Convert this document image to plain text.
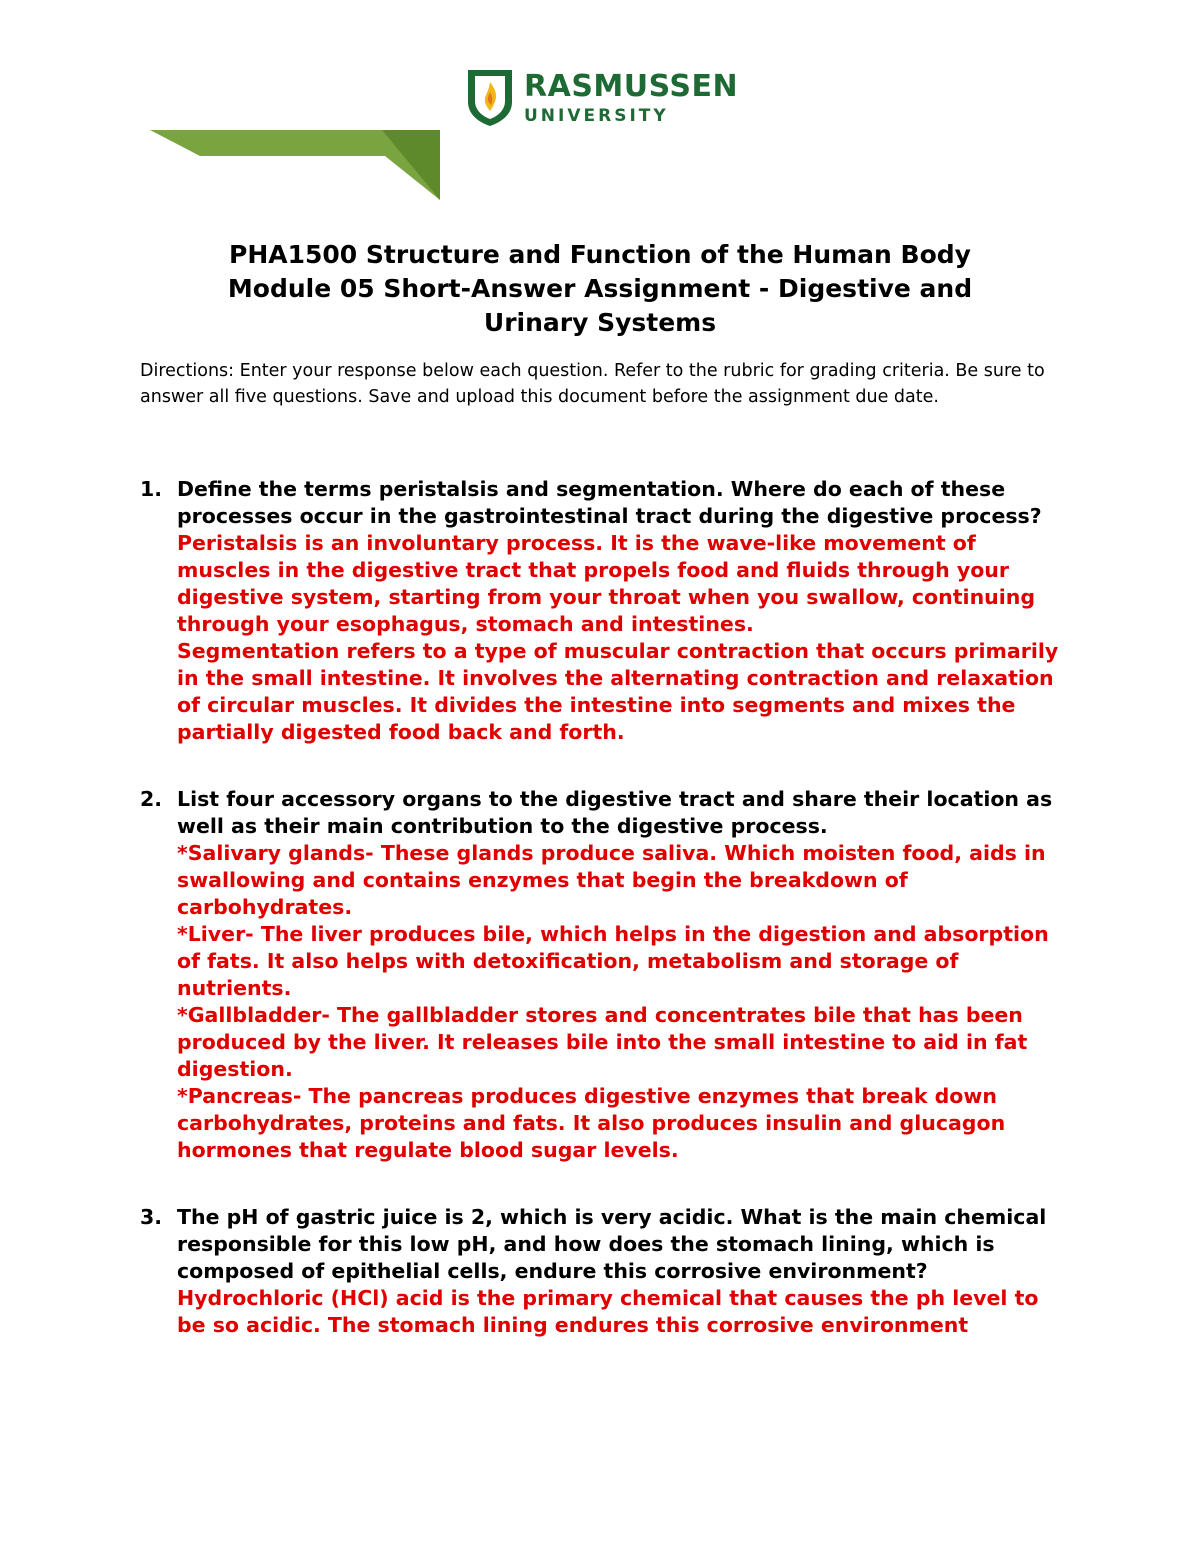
RASMUSSEN
UNIVERSITY
PHA1500 Structure and Function of the Human Body
Module 05 Short-Answer Assignment - Digestive and
Urinary Systems
Directions: Enter your response below each question. Refer to the rubric for grading criteria. Be sure to answer all five questions. Save and upload this document before the assignment due date.
1. Define the terms peristalsis and segmentation. Where do each of these processes occur in the gastrointestinal tract during the digestive process?
Peristalsis is an involuntary process. It is the wave-like movement of muscles in the digestive tract that propels food and fluids through your digestive system, starting from your throat when you swallow, continuing through your esophagus, stomach and intestines.
Segmentation refers to a type of muscular contraction that occurs primarily in the small intestine. It involves the alternating contraction and relaxation of circular muscles. It divides the intestine into segments and mixes the partially digested food back and forth.
2. List four accessory organs to the digestive tract and share their location as well as their main contribution to the digestive process.
*Salivary glands- These glands produce saliva. Which moisten food, aids in swallowing and contains enzymes that begin the breakdown of carbohydrates.
*Liver- The liver produces bile, which helps in the digestion and absorption of fats. It also helps with detoxification, metabolism and storage of nutrients.
*Gallbladder- The gallbladder stores and concentrates bile that has been produced by the liver. It releases bile into the small intestine to aid in fat digestion.
*Pancreas- The pancreas produces digestive enzymes that break down carbohydrates, proteins and fats. It also produces insulin and glucagon hormones that regulate blood sugar levels.
3. The pH of gastric juice is 2, which is very acidic. What is the main chemical responsible for this low pH, and how does the stomach lining, which is composed of epithelial cells, endure this corrosive environment?
Hydrochloric (HCl) acid is the primary chemical that causes the ph level to be so acidic. The stomach lining endures this corrosive environment
